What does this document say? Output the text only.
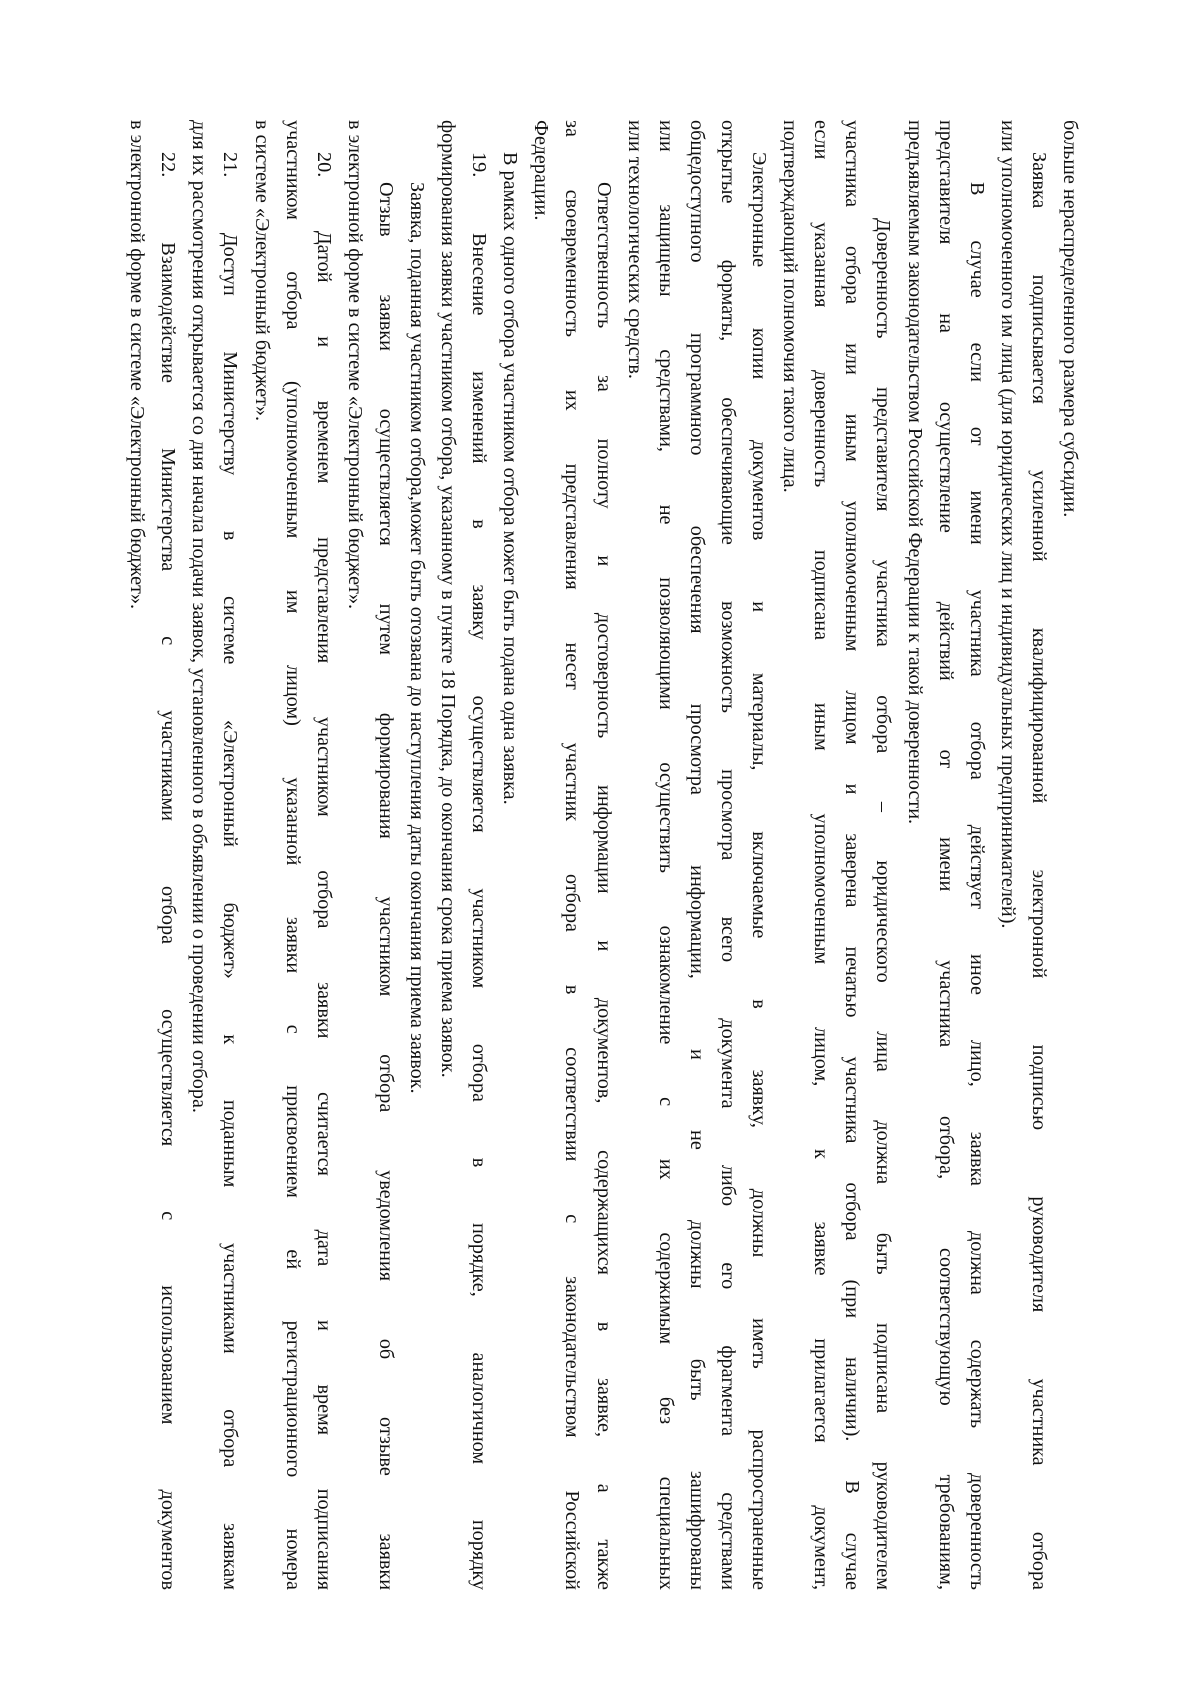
больше нераспределенного размера субсидии.
Заявка подписывается усиленной квалифицированной электронной подписью руководителя участника отбора
или уполномоченного им лица (для юридических лиц и индивидуальных предпринимателей).
В случае если от имени участника отбора действует иное лицо, заявка должна содержать доверенность
представителя на осуществление действий от имени участника отбора, соответствующую требованиям,
предъявляемым законодательством Российской Федерации к такой доверенности.
Доверенность представителя участника отбора – юридического лица должна быть подписана руководителем
участника отбора или иным уполномоченным лицом и заверена печатью участника отбора (при наличии). В случае
если указанная доверенность подписана иным уполномоченным лицом, к заявке прилагается документ,
подтверждающий полномочия такого лица.
Электронные копии документов и материалы, включаемые в заявку, должны иметь распространенные
открытые форматы, обеспечивающие возможность просмотра всего документа либо его фрагмента средствами
общедоступного программного обеспечения просмотра информации, и не должны быть зашифрованы
или защищены средствами, не позволяющими осуществить ознакомление с их содержимым без специальных
или технологических средств.
Ответственность за полноту и достоверность информации и документов, содержащихся в заявке, а также
за своевременность их представления несет участник отбора в соответствии с законодательством Российской
Федерации.
В рамках одного отбора участником отбора может быть подана одна заявка.
19. Внесение изменений в заявку осуществляется участником отбора в порядке, аналогичном порядку
формирования заявки участником отбора, указанному в пункте 18 Порядка, до окончания срока приема заявок.
Заявка, поданная участником отбора,может быть отозвана до наступления даты окончания приема заявок.
Отзыв заявки осуществляется путем формирования участником отбора уведомления об отзыве заявки
в электронной форме в системе «Электронный бюджет».
20. Датой и временем представления участником отбора заявки считается дата и время подписания
участником отбора (уполномоченным им лицом) указанной заявки с присвоением ей регистрационного номера
в системе «Электронный бюджет».
21. Доступ Министерству в системе «Электронный бюджет» к поданным участниками отбора заявкам
для их рассмотрения открывается со дня начала подачи заявок, установленного в объявлении о проведении отбора.
22. Взаимодействие Министерства с участниками отбора осуществляется с использованием документов
в электронной форме в системе «Электронный бюджет».
